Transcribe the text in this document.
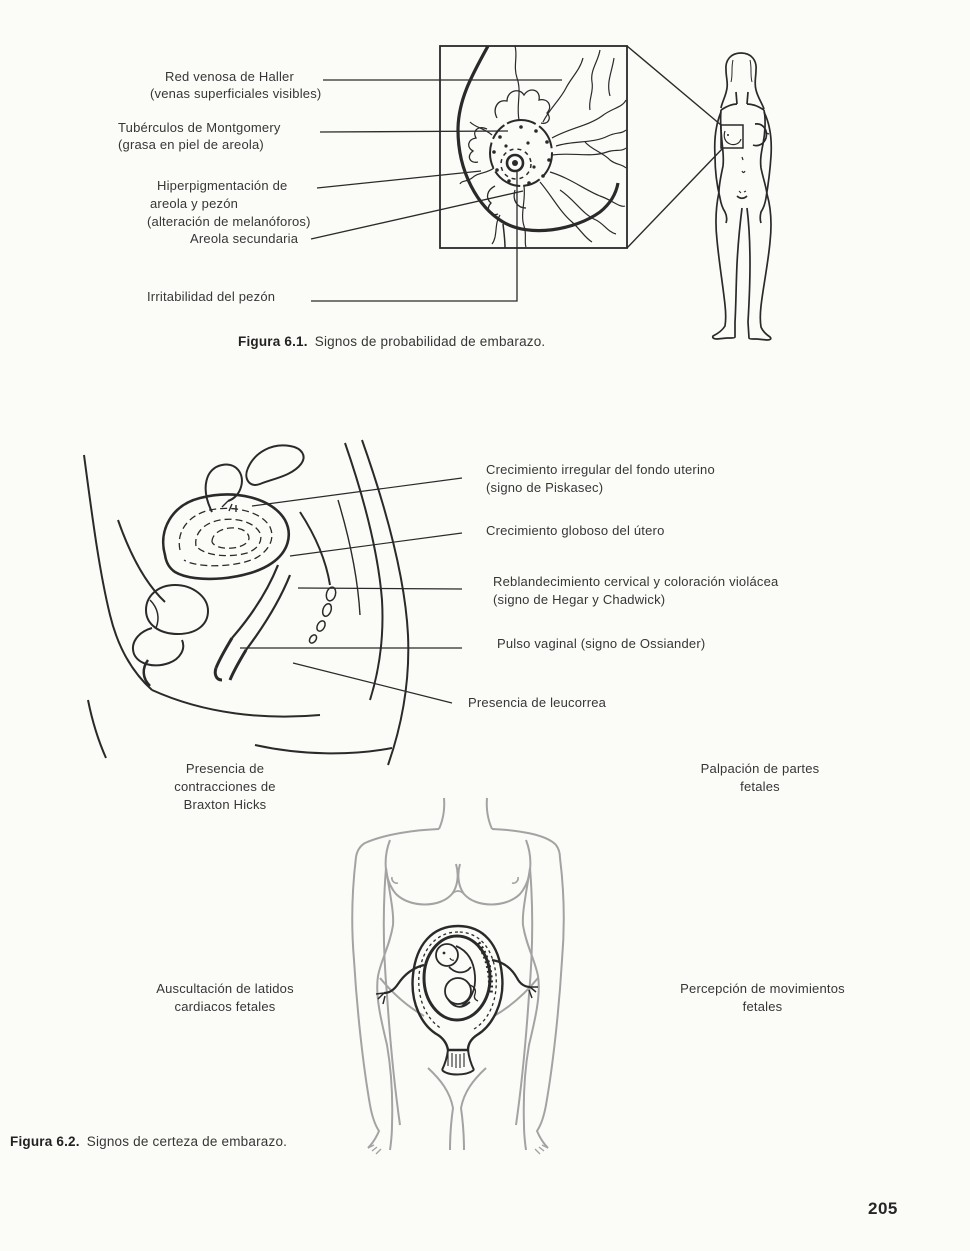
Red venosa de Haller
(venas superficiales visibles)
Tubérculos de Montgomery
(grasa en piel de areola)
Hiperpigmentación de
areola y pezón
(alteración de melanóforos)
Areola secundaria
Irritabilidad del pezón
Figura 6.1. Signos de probabilidad de embarazo.
Crecimiento irregular del fondo uterino
(signo de Piskasec)
Crecimiento globoso del útero
Reblandecimiento cervical y coloración violácea
(signo de Hegar y Chadwick)
Pulso vaginal (signo de Ossiander)
Presencia de leucorrea
Presencia de
contracciones de
Braxton Hicks
Palpación de partes
fetales
Auscultación de latidos
cardiacos fetales
Percepción de movimientos
fetales
Figura 6.2. Signos de certeza de embarazo.
205
